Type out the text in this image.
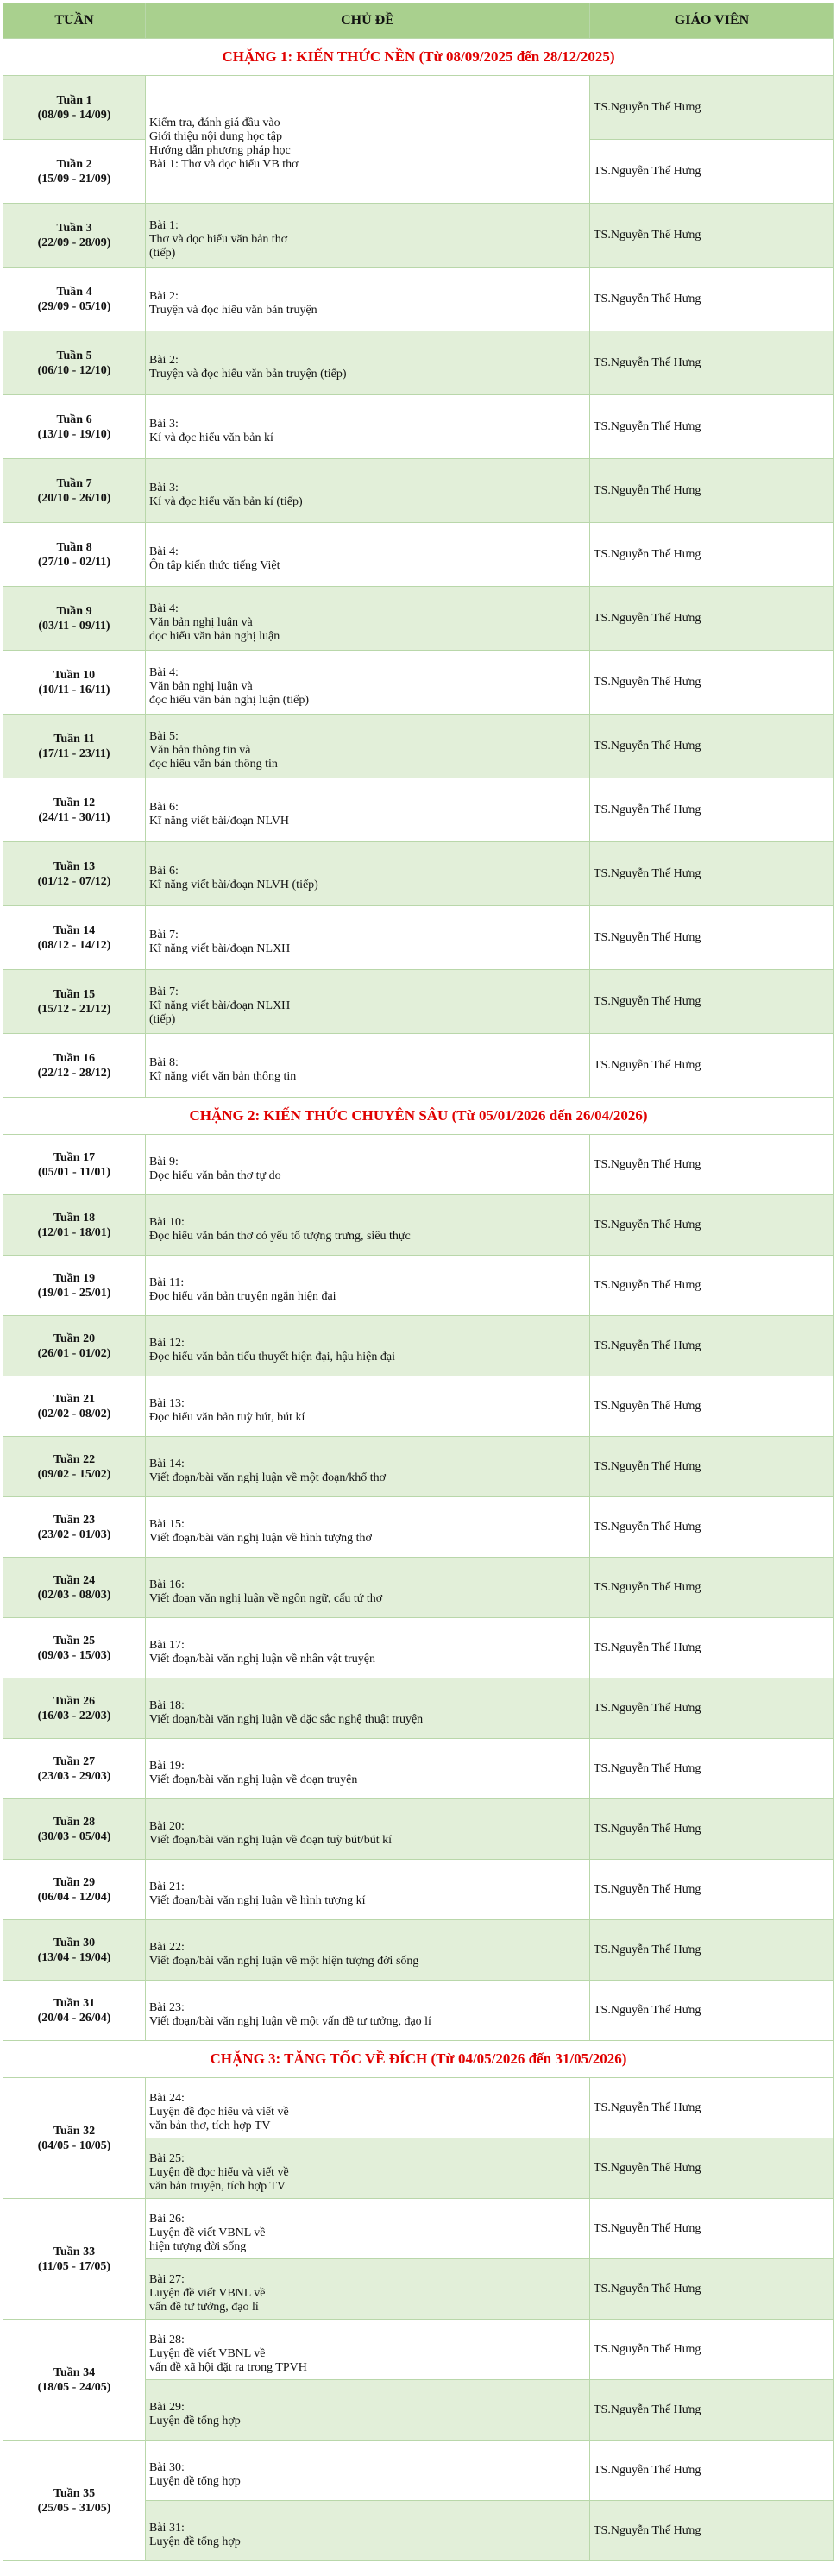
TUẦN	CHỦ ĐỀ	GIÁO VIÊN
CHẶNG 1: KIẾN THỨC NỀN (Từ 08/09/2025 đến 28/12/2025)		

Tuần 1
(08/09 - 14/09)	Kiểm tra, đánh giá đầu vào
Giới thiệu nội dung học tập
Hướng dẫn phương pháp học
Bài 1: Thơ và đọc hiểu VB thơ	TS.Nguyễn Thế Hưng

Tuần 2
(15/09 - 21/09)		TS.Nguyễn Thế Hưng

Tuần 3
(22/09 - 28/09)	Bài 1:
Thơ và đọc hiểu văn bản thơ
(tiếp)	TS.Nguyễn Thế Hưng

Tuần 4
(29/09 - 05/10)	Bài 2:
Truyện và đọc hiểu văn bản truyện	TS.Nguyễn Thế Hưng

Tuần 5
(06/10 - 12/10)	Bài 2:
Truyện và đọc hiểu văn bản truyện (tiếp)	TS.Nguyễn Thế Hưng

Tuần 6
(13/10 - 19/10)	Bài 3:
Kí và đọc hiểu văn bản kí	TS.Nguyễn Thế Hưng

Tuần 7
(20/10 - 26/10)	Bài 3:
Kí và đọc hiểu văn bản kí (tiếp)	TS.Nguyễn Thế Hưng

Tuần 8
(27/10 - 02/11)	Bài 4:
Ôn tập kiến thức tiếng Việt	TS.Nguyễn Thế Hưng

Tuần 9
(03/11 - 09/11)	Bài 4:
Văn bản nghị luận và
đọc hiểu văn bản nghị luận	TS.Nguyễn Thế Hưng

Tuần 10
(10/11 - 16/11)	Bài 4:
Văn bản nghị luận và
đọc hiểu văn bản nghị luận (tiếp)	TS.Nguyễn Thế Hưng

Tuần 11
(17/11 - 23/11)	Bài 5:
Văn bản thông tin và
đọc hiểu văn bản thông tin	TS.Nguyễn Thế Hưng

Tuần 12
(24/11 - 30/11)	Bài 6:
Kĩ năng viết bài/đoạn NLVH	TS.Nguyễn Thế Hưng

Tuần 13
(01/12 - 07/12)	Bài 6:
Kĩ năng viết bài/đoạn NLVH (tiếp)	TS.Nguyễn Thế Hưng

Tuần 14
(08/12 - 14/12)	Bài 7:
Kĩ năng viết bài/đoạn NLXH	TS.Nguyễn Thế Hưng

Tuần 15
(15/12 - 21/12)	Bài 7:
Kĩ năng viết bài/đoạn NLXH
(tiếp)	TS.Nguyễn Thế Hưng

Tuần 16
(22/12 - 28/12)	Bài 8:
Kĩ năng viết văn bản thông tin	TS.Nguyễn Thế Hưng
CHẶNG 2: KIẾN THỨC CHUYÊN SÂU (Từ 05/01/2026 đến 26/04/2026)		

Tuần 17
(05/01 - 11/01)	Bài 9:
Đọc hiểu văn bản thơ tự do	TS.Nguyễn Thế Hưng

Tuần 18
(12/01 - 18/01)	Bài 10:
Đọc hiểu văn bản thơ có yếu tố tượng trưng, siêu thực	TS.Nguyễn Thế Hưng

Tuần 19
(19/01 - 25/01)	Bài 11:
Đọc hiểu văn bản truyện ngắn hiện đại	TS.Nguyễn Thế Hưng

Tuần 20
(26/01 - 01/02)	Bài 12:
Đọc hiểu văn bản tiểu thuyết hiện đại, hậu hiện đại	TS.Nguyễn Thế Hưng

Tuần 21
(02/02 - 08/02)	Bài 13:
Đọc hiểu văn bản tuỳ bút, bút kí	TS.Nguyễn Thế Hưng

Tuần 22
(09/02 - 15/02)	Bài 14:
Viết đoạn/bài văn nghị luận về một đoạn/khổ thơ	TS.Nguyễn Thế Hưng

Tuần 23
(23/02 - 01/03)	Bài 15:
Viết đoạn/bài văn nghị luận về hình tượng thơ	TS.Nguyễn Thế Hưng

Tuần 24
(02/03 - 08/03)	Bài 16:
Viết đoạn văn nghị luận về ngôn ngữ, cấu tứ thơ	TS.Nguyễn Thế Hưng

Tuần 25
(09/03 - 15/03)	Bài 17:
Viết đoạn/bài văn nghị luận về nhân vật truyện	TS.Nguyễn Thế Hưng

Tuần 26
(16/03 - 22/03)	Bài 18:
Viết đoạn/bài văn nghị luận về đặc sắc nghệ thuật truyện	TS.Nguyễn Thế Hưng

Tuần 27
(23/03 - 29/03)	Bài 19:
Viết đoạn/bài văn nghị luận về đoạn truyện	TS.Nguyễn Thế Hưng

Tuần 28
(30/03 - 05/04)	Bài 20:
Viết đoạn/bài văn nghị luận về đoạn tuỳ bút/bút kí	TS.Nguyễn Thế Hưng

Tuần 29
(06/04 - 12/04)	Bài 21:
Viết đoạn/bài văn nghị luận về hình tượng kí	TS.Nguyễn Thế Hưng

Tuần 30
(13/04 - 19/04)	Bài 22:
Viết đoạn/bài văn nghị luận về một hiện tượng đời sống	TS.Nguyễn Thế Hưng

Tuần 31
(20/04 - 26/04)	Bài 23:
Viết đoạn/bài văn nghị luận về một vấn đề tư tưởng, đạo lí	TS.Nguyễn Thế Hưng
CHẶNG 3: TĂNG TỐC VỀ ĐÍCH (Từ 04/05/2026 đến 31/05/2026)		

Tuần 32
(04/05 - 10/05)	Bài 24:
Luyện đề đọc hiểu và viết về
văn bản thơ, tích hợp TV	TS.Nguyễn Thế Hưng
	Bài 25:
Luyện đề đọc hiểu và viết về
văn bản truyện, tích hợp TV	TS.Nguyễn Thế Hưng

Tuần 33
(11/05 - 17/05)	Bài 26:
Luyện đề viết VBNL về
hiện tượng đời sống	TS.Nguyễn Thế Hưng
	Bài 27:
Luyện đề viết VBNL về
vấn đề tư tưởng, đạo lí	TS.Nguyễn Thế Hưng

Tuần 34
(18/05 - 24/05)	Bài 28:
Luyện đề viết VBNL về
vấn đề xã hội đặt ra trong TPVH	TS.Nguyễn Thế Hưng
	Bài 29:
Luyện đề tổng hợp	TS.Nguyễn Thế Hưng

Tuần 35
(25/05 - 31/05)	Bài 30:
Luyện đề tổng hợp	TS.Nguyễn Thế Hưng
	Bài 31:
Luyện đề tổng hợp	TS.Nguyễn Thế Hưng
